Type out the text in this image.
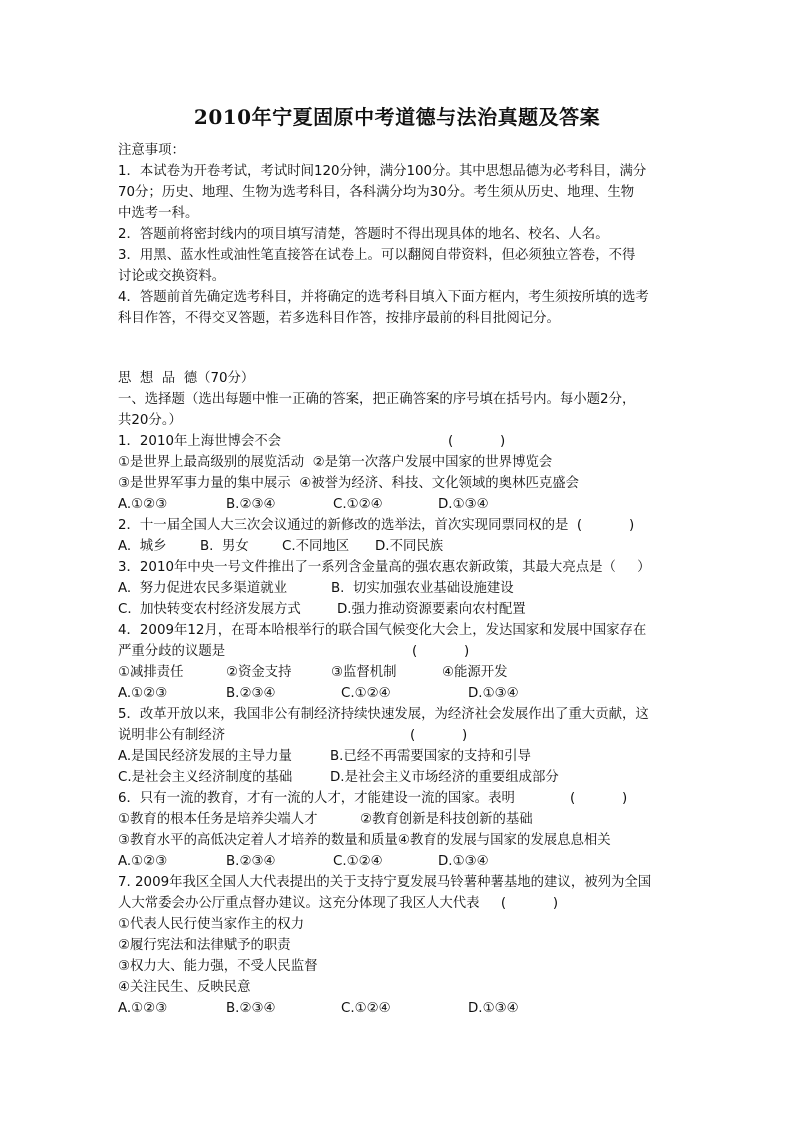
2010年宁夏固原中考道德与法治真题及答案
注意事项：
1．本试卷为开卷考试，考试时间120分钟，满分100分。其中思想品德为必考科目，满分
70分；历史、地理、生物为选考科目，各科满分均为30分。考生须从历史、地理、生物
中选考一科。
2．答题前将密封线内的项目填写清楚，答题时不得出现具体的地名、校名、人名。
3．用黑、蓝水性或油性笔直接答在试卷上。可以翻阅自带资料，但必须独立答卷，不得
讨论或交换资料。
4．答题前首先确定选考科目，并将确定的选考科目填入下面方框内，考生须按所填的选考
科目作答，不得交叉答题，若多选科目作答，按排序最前的科目批阅记分。
思  想  品  德（70分）
一、选择题（选出每题中惟一正确的答案，把正确答案的序号填在括号内。每小题2分，
共20分。）
1．2010年上海世博会不会	(           )
①是世界上最高级别的展览活动  ②是第一次落户发展中国家的世界博览会
③是世界军事力量的集中展示  ④被誉为经济、科技、文化领域的奥林匹克盛会
A.①②③	B.②③④	C.①②④	D.①③④
2．十一届全国人大三次会议通过的新修改的选举法，首次实现同票同权的是  (           )
A.  城乡	B.  男女 C.不同地区 D.不同民族
3．2010年中央一号文件推出了一系列含金量高的强农惠农新政策，其最大亮点是（     ）
A.  努力促进农民多渠道就业	B.  切实加强农业基础设施建设
C.  加快转变农村经济发展方式	D.强力推动资源要素向农村配置
4．2009年12月，在哥本哈根举行的联合国气候变化大会上，发达国家和发展中国家存在
严重分歧的议题是	(           )
①减排责任	②资金支持	③监督机制	④能源开发
A.①②③	B.②③④	C.①②④	D.①③④
5．改革开放以来，我国非公有制经济持续快速发展，为经济社会发展作出了重大贡献，这
说明非公有制经济	(           )
A.是国民经济发展的主导力量	B.已经不再需要国家的支持和引导
C.是社会主义经济制度的基础	D.是社会主义市场经济的重要组成部分
6．只有一流的教育，才有一流的人才，才能建设一流的国家。表明	(           )
①教育的根本任务是培养尖端人才	②教育创新是科技创新的基础
③教育水平的高低决定着人才培养的数量和质量④教育的发展与国家的发展息息相关
A.①②③	B.②③④	C.①②④	D.①③④
7. 2009年我区全国人大代表提出的关于支持宁夏发展马铃薯种薯基地的建议，被列为全国
人大常委会办公厅重点督办建议。这充分体现了我区人大代表     (           )
①代表人民行使当家作主的权力
②履行宪法和法律赋予的职责
③权力大、能力强，不受人民监督
④关注民生、反映民意
A.①②③	B.②③④	C.①②④	D.①③④
